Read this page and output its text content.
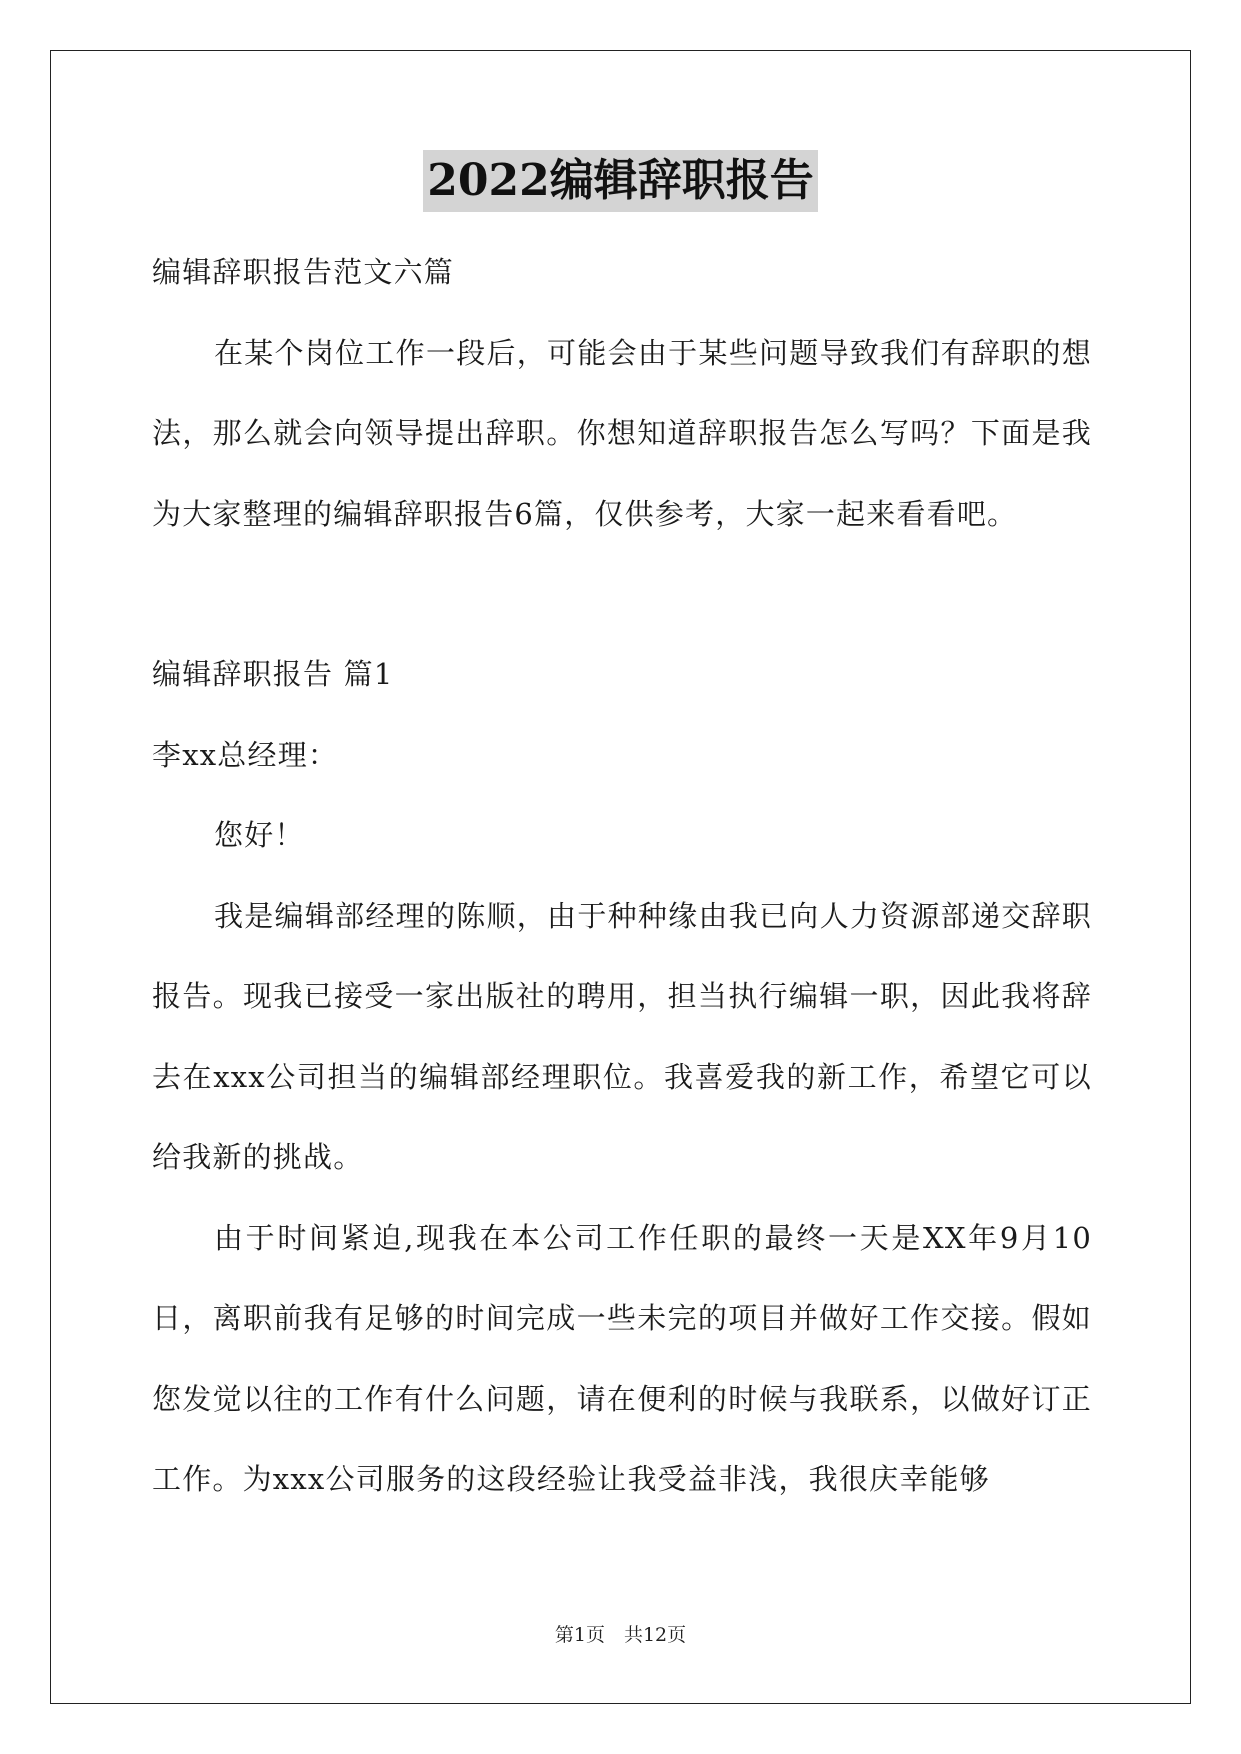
2022编辑辞职报告

编辑辞职报告范文六篇

在某个岗位工作一段后，可能会由于某些问题导致我们有辞职的想法，那么就会向领导提出辞职。你想知道辞职报告怎么写吗？下面是我为大家整理的编辑辞职报告6篇，仅供参考，大家一起来看看吧。

编辑辞职报告 篇1

李xx总经理：

您好！

我是编辑部经理的陈顺，由于种种缘由我已向人力资源部递交辞职报告。现我已接受一家出版社的聘用，担当执行编辑一职，因此我将辞去在xxx公司担当的编辑部经理职位。我喜爱我的新工作，希望它可以给我新的挑战。

由于时间紧迫,现我在本公司工作任职的最终一天是XX年9月10日，离职前我有足够的时间完成一些未完的项目并做好工作交接。假如您发觉以往的工作有什么问题，请在便利的时候与我联系，以做好订正工作。为xxx公司服务的这段经验让我受益非浅，我很庆幸能够

第1页　共12页
